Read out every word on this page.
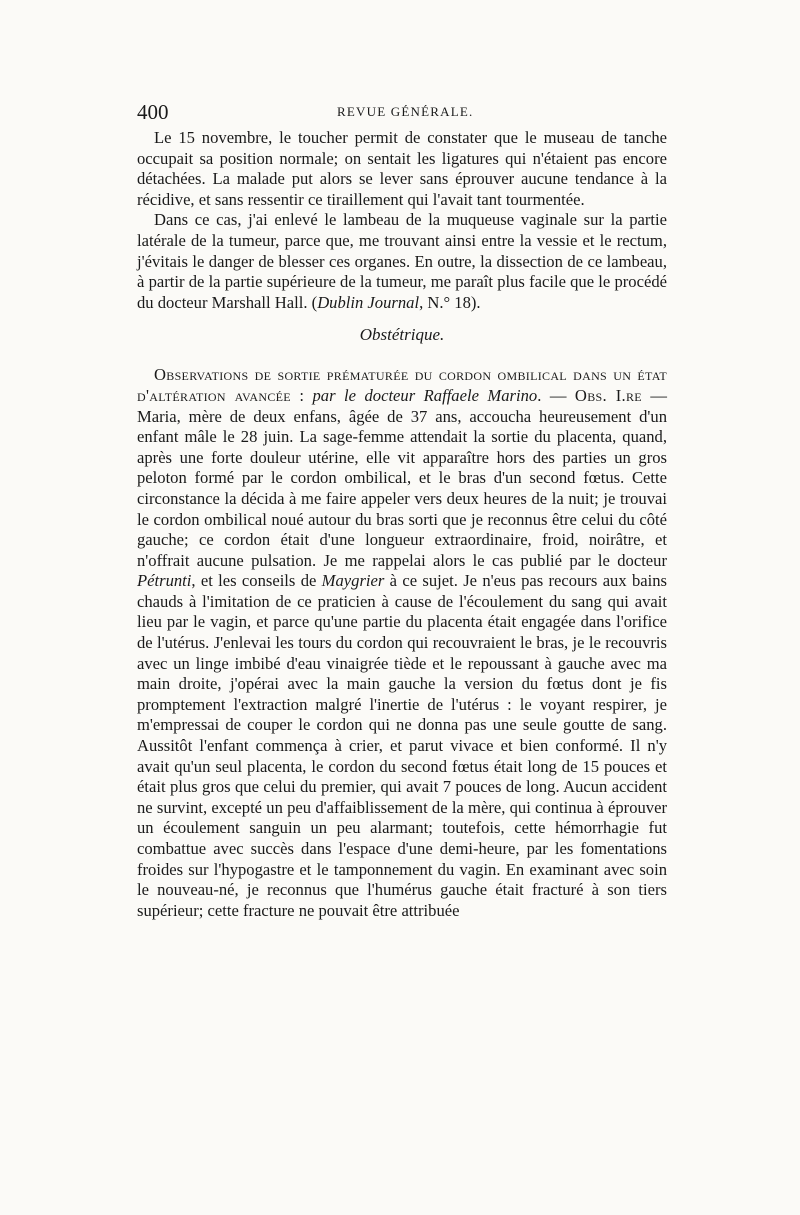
400	REVUE GÉNÉRALE.

Le 15 novembre, le toucher permit de constater que le museau de tanche occupait sa position normale; on sentait les ligatures qui n'étaient pas encore détachées. La malade put alors se lever sans éprouver aucune tendance à la récidive, et sans ressentir ce tiraillement qui l'avait tant tourmentée.

Dans ce cas, j'ai enlevé le lambeau de la muqueuse vaginale sur la partie latérale de la tumeur, parce que, me trouvant ainsi entre la vessie et le rectum, j'évitais le danger de blesser ces organes. En outre, la dissection de ce lambeau, à partir de la partie supérieure de la tumeur, me paraît plus facile que le procédé du docteur Marshall Hall. (Dublin Journal, N.° 18).

Obstétrique.

Observations de sortie prématurée du cordon ombilical dans un état d'altération avancée : par le docteur Raffaele Marino. — Obs. I.re — Maria, mère de deux enfans, âgée de 37 ans, accoucha heureusement d'un enfant mâle le 28 juin. La sage-femme attendait la sortie du placenta, quand, après une forte douleur utérine, elle vit apparaître hors des parties un gros peloton formé par le cordon ombilical, et le bras d'un second fœtus. Cette circonstance la décida à me faire appeler vers deux heures de la nuit; je trouvai le cordon ombilical noué autour du bras sorti que je reconnus être celui du côté gauche; ce cordon était d'une longueur extraordinaire, froid, noirâtre, et n'offrait aucune pulsation. Je me rappelai alors le cas publié par le docteur Pétrunti, et les conseils de Maygrier à ce sujet. Je n'eus pas recours aux bains chauds à l'imitation de ce praticien à cause de l'écoulement du sang qui avait lieu par le vagin, et parce qu'une partie du placenta était engagée dans l'orifice de l'utérus. J'enlevai les tours du cordon qui recouvraient le bras, je le recouvris avec un linge imbibé d'eau vinaigrée tiède et le repoussant à gauche avec ma main droite, j'opérai avec la main gauche la version du fœtus dont je fis promptement l'extraction malgré l'inertie de l'utérus : le voyant respirer, je m'empressai de couper le cordon qui ne donna pas une seule goutte de sang. Aussitôt l'enfant commença à crier, et parut vivace et bien conformé. Il n'y avait qu'un seul placenta, le cordon du second fœtus était long de 15 pouces et était plus gros que celui du premier, qui avait 7 pouces de long. Aucun accident ne survint, excepté un peu d'affaiblissement de la mère, qui continua à éprouver un écoulement sanguin un peu alarmant; toutefois, cette hémorrhagie fut combattue avec succès dans l'espace d'une demi-heure, par les fomentations froides sur l'hypogastre et le tamponnement du vagin. En examinant avec soin le nouveau-né, je reconnus que l'humérus gauche était fracturé à son tiers supérieur; cette fracture ne pouvait être attribuée
